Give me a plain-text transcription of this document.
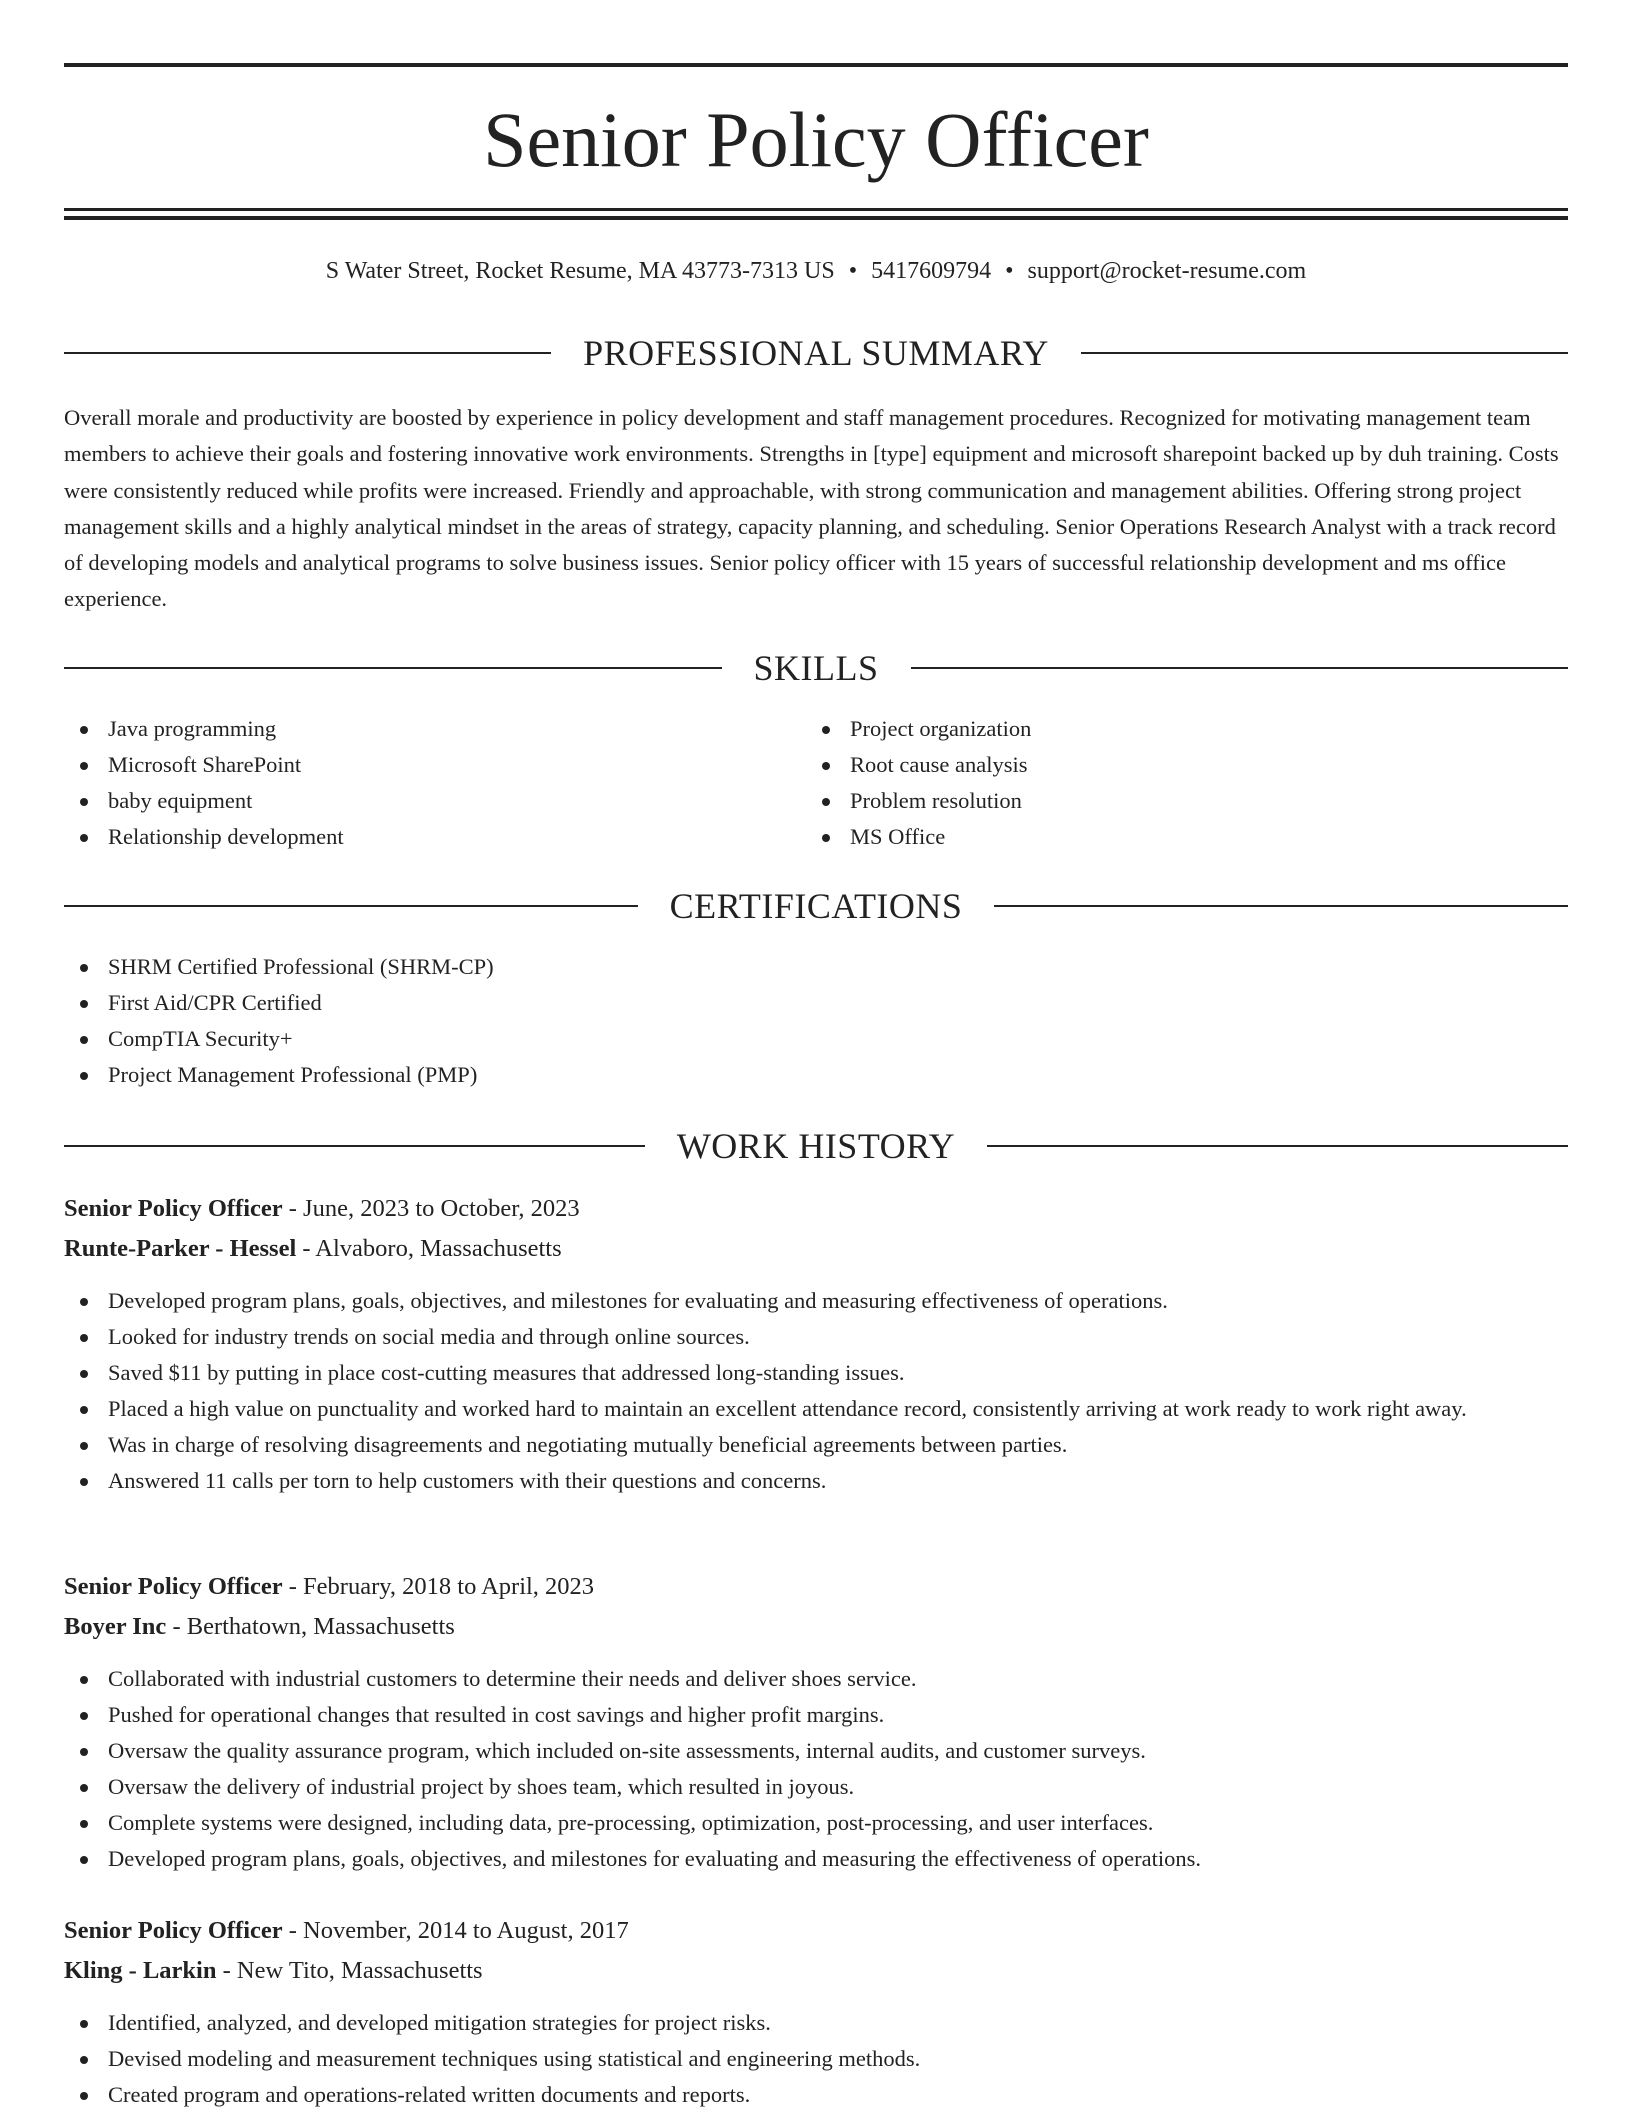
Senior Policy Officer
S Water Street, Rocket Resume, MA 43773-7313 US • 5417609794 • support@rocket-resume.com
PROFESSIONAL SUMMARY

Overall morale and productivity are boosted by experience in policy development and staff management procedures. Recognized for motivating management team members to achieve their goals and fostering innovative work environments. Strengths in [type] equipment and microsoft sharepoint backed up by duh training. Costs were consistently reduced while profits were increased. Friendly and approachable, with strong communication and management abilities. Offering strong project management skills and a highly analytical mindset in the areas of strategy, capacity planning, and scheduling. Senior Operations Research Analyst with a track record of developing models and analytical programs to solve business issues. Senior policy officer with 15 years of successful relationship development and ms office experience.

SKILLS
Java programming
Microsoft SharePoint
baby equipment
Relationship development
Project organization
Root cause analysis
Problem resolution
MS Office
CERTIFICATIONS
SHRM Certified Professional (SHRM-CP)
First Aid/CPR Certified
CompTIA Security+
Project Management Professional (PMP)
WORK HISTORY
Senior Policy Officer - June, 2023 to October, 2023
Runte-Parker - Hessel - Alvaboro, Massachusetts
Developed program plans, goals, objectives, and milestones for evaluating and measuring effectiveness of operations.
Looked for industry trends on social media and through online sources.
Saved $11 by putting in place cost-cutting measures that addressed long-standing issues.
Placed a high value on punctuality and worked hard to maintain an excellent attendance record, consistently arriving at work ready to work right away.
Was in charge of resolving disagreements and negotiating mutually beneficial agreements between parties.
Answered 11 calls per torn to help customers with their questions and concerns.
Senior Policy Officer - February, 2018 to April, 2023
Boyer Inc - Berthatown, Massachusetts
Collaborated with industrial customers to determine their needs and deliver shoes service.
Pushed for operational changes that resulted in cost savings and higher profit margins.
Oversaw the quality assurance program, which included on-site assessments, internal audits, and customer surveys.
Oversaw the delivery of industrial project by shoes team, which resulted in joyous.
Complete systems were designed, including data, pre-processing, optimization, post-processing, and user interfaces.
Developed program plans, goals, objectives, and milestones for evaluating and measuring the effectiveness of operations.
Senior Policy Officer - November, 2014 to August, 2017
Kling - Larkin - New Tito, Massachusetts
Identified, analyzed, and developed mitigation strategies for project risks.
Devised modeling and measurement techniques using statistical and engineering methods.
Created program and operations-related written documents and reports.
